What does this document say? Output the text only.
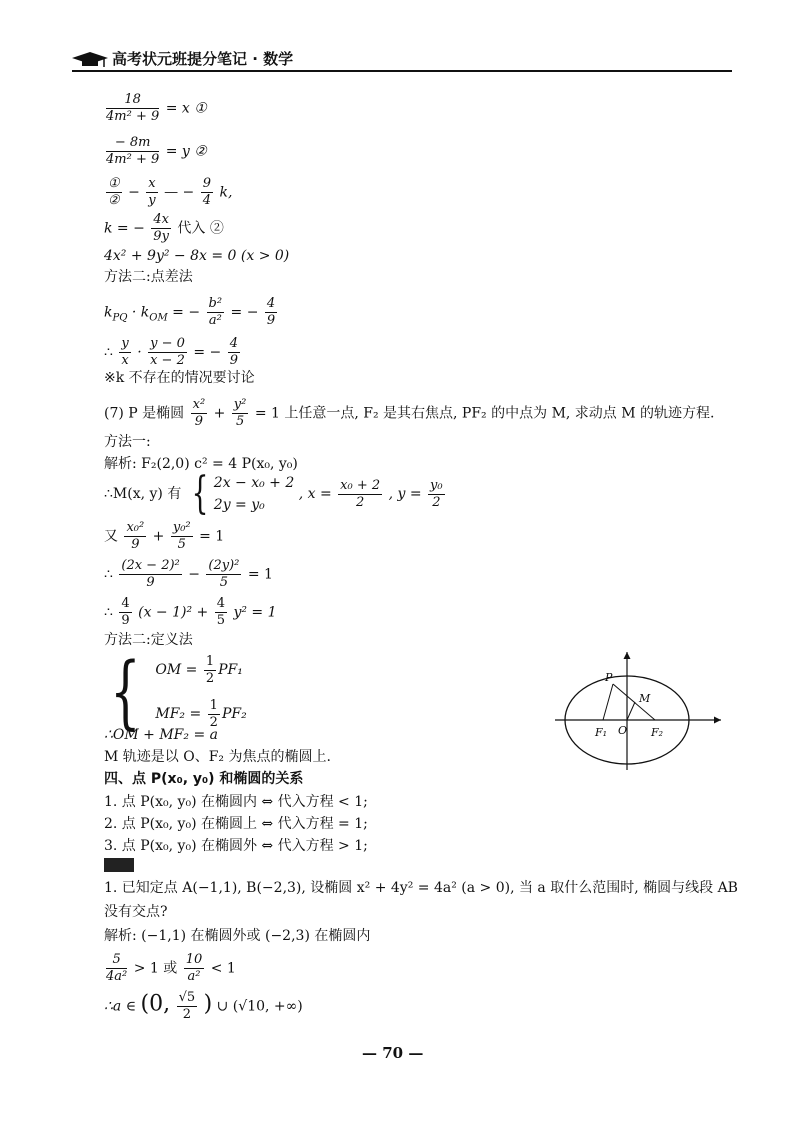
高考状元班提分笔记 · 数学
$\frac{18}{\text{4m² + 9}} = x$ ①
$\frac{- 8m}{\text{4m² + 9}} = y$ ②
$\frac{\text{①}}{\text{②}} - \frac{x}{y}$ — − $\frac{9}{4} k$,
k = − $\frac{4x}{9y}$ 代入 ②
4x² + 9y² − 8x = 0 (x > 0)
方法二:点差法
$k_{PQ} \cdot k_{OM}$ = − $\frac{\text{b²}}{\text{a²}}$ = − $\frac{4}{9}$
∴ $\frac{y}{x} \cdot \frac{y - 0}{x - 2}$ = − $\frac{4}{9}$
※k 不存在的情况要讨论
(7) P 是椭圆 $\frac{\text{x²}}{9} + \frac{\text{y²}}{5} = 1$ 上任意一点, F₂ 是其右焦点, PF₂ 的中点为 M, 求动点 M 的轨迹方程.
方法一:
解析: F₂(2,0) c² = 4 P(x₀, y₀)
∴M(x, y) 有 { 2x − x₀ + 2
2y = y₀
, $x = \frac{\text{x₀ + 2}}{2}$ , $y = \frac{\text{y₀}}{2}$
又 $\frac{\text{x₀²}}{9} + \frac{\text{y₀²}}{5} = 1$
∴ $\frac{\text{(2x − 2)²}}{9} - \frac{\text{(2y)²}}{5} = 1$
∴ $\frac{4}{9} (x - 1)^2 + \frac{4}{5} y^2 = 1$
方法二:定义法
{ OM = $\frac{1}{2} PF_1$
$MF_2 = \frac{1}{2} PF_2$
∴OM + MF₂ = a
M 轨迹是以 O、F₂ 为焦点的椭圆上.
四、点 P(x₀, y₀) 和椭圆的关系
1. 点 P(x₀, y₀) 在椭圆内 ⇔ 代入方程 < 1;
2. 点 P(x₀, y₀) 在椭圆上 ⇔ 代入方程 = 1;
3. 点 P(x₀, y₀) 在椭圆外 ⇔ 代入方程 > 1;
1. 已知定点 A(−1,1), B(−2,3), 设椭圆 x² + 4y² = 4a² (a > 0), 当 a 取什么范围时, 椭圆与线段 AB
没有交点?
解析: (−1,1) 在椭圆外或 (−2,3) 在椭圆内
$\frac{5}{\text{4a²}} > 1$ 或 $\frac{10}{\text{a²}} < 1$
∴a ∈ (0, $\frac{√5}{2}$ ) ∪ (√10, +∞)
P
M
F₁ O F₂
— 70 —
